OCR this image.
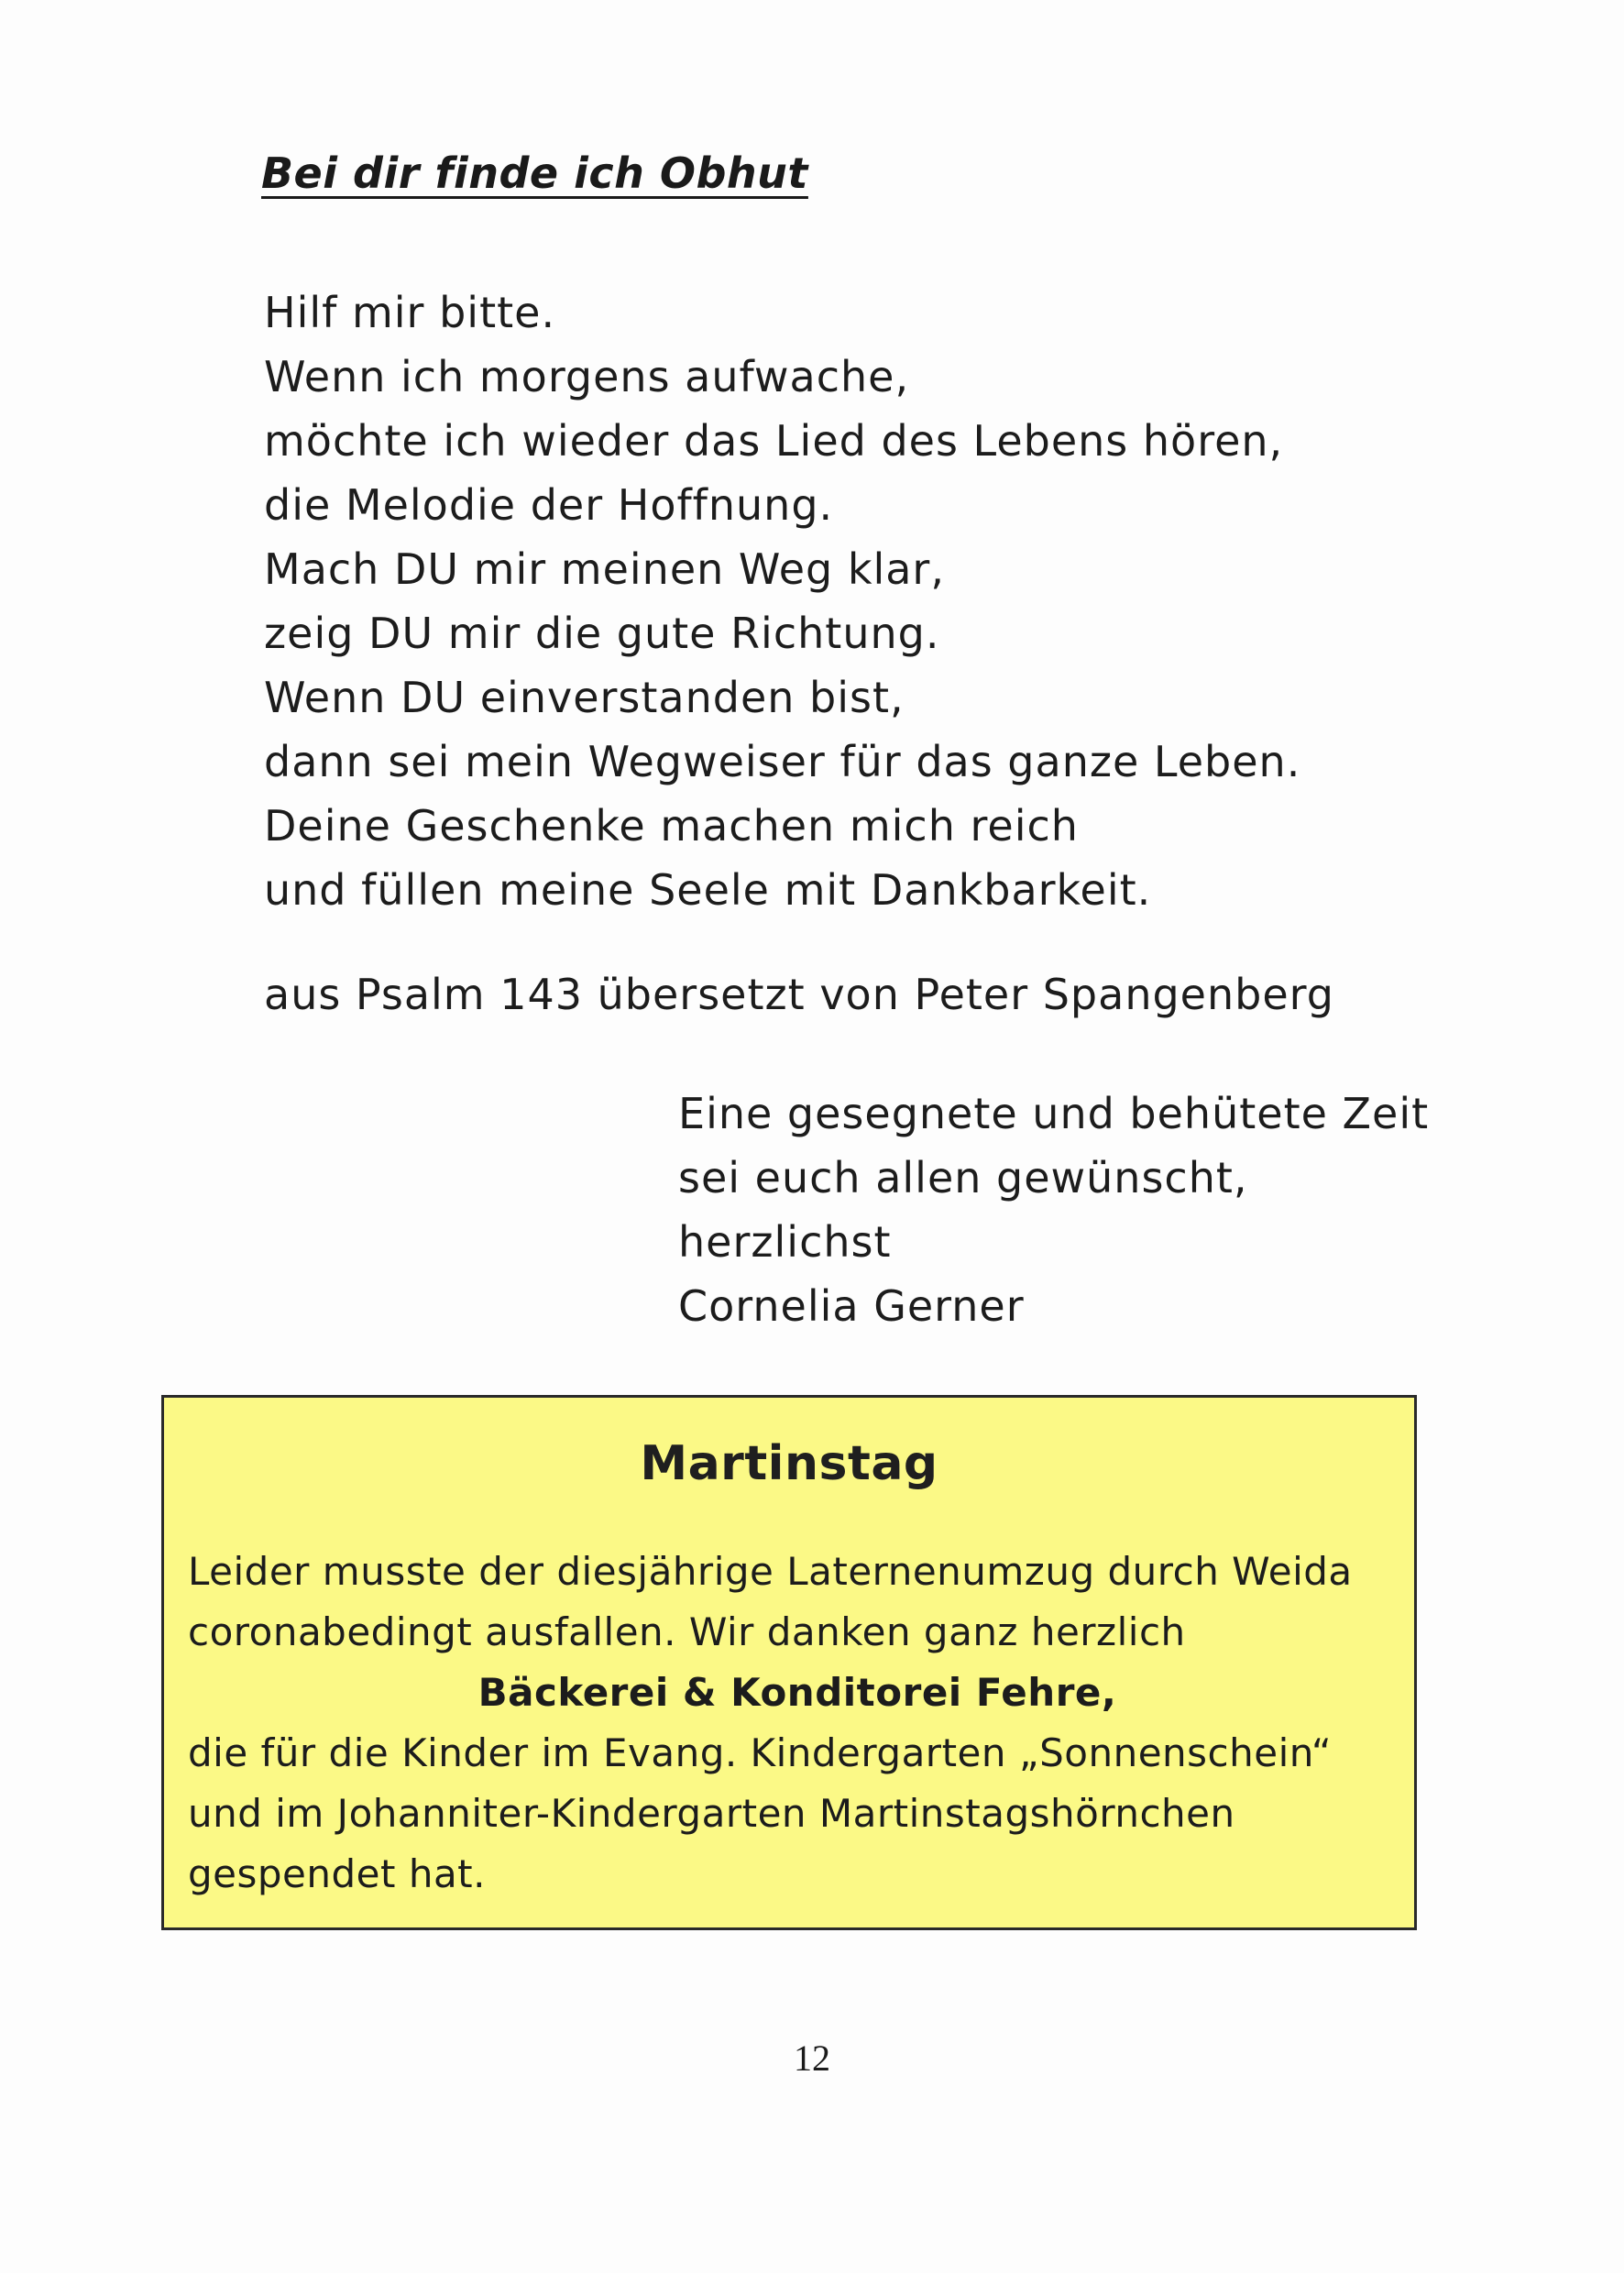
Bei dir finde ich Obhut
Hilf mir bitte.
Wenn ich morgens aufwache,
möchte ich wieder das Lied des Lebens hören,
die Melodie der Hoffnung.
Mach DU mir meinen Weg klar,
zeig DU mir die gute Richtung.
Wenn DU einverstanden bist,
dann sei mein Wegweiser für das ganze Leben.
Deine Geschenke machen mich reich
und füllen meine Seele mit Dankbarkeit.
aus Psalm 143 übersetzt von Peter Spangenberg
Eine gesegnete und behütete Zeit
sei euch allen gewünscht,
herzlichst
Cornelia Gerner
Martinstag
Leider musste der diesjährige Laternenumzug durch Weida
coronabedingt ausfallen. Wir danken ganz herzlich
Bäckerei & Konditorei Fehre,
die für die Kinder im Evang. Kindergarten „Sonnenschein“
und im Johanniter-Kindergarten Martinstagshörnchen
gespendet hat.
12
